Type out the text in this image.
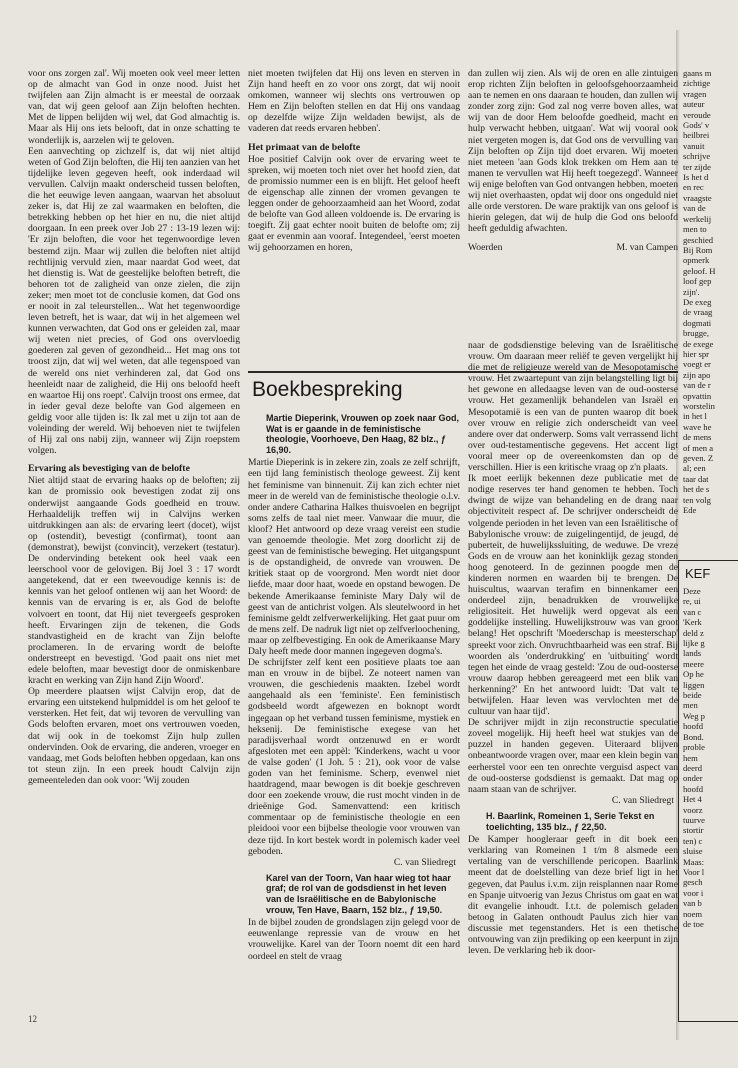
voor ons zorgen zal'. Wij moeten ook veel meer letten op de almacht van God in onze nood. Juist het twijfelen aan Zijn almacht is er meestal de oorzaak van, dat wij geen geloof aan Zijn beloften hechten. Met de lippen belijden wij wel, dat God almachtig is. Maar als Hij ons iets belooft, dat in onze schatting te wonderlijk is, aarzelen wij te geloven.

Een aanvechting op zichzelf is, dat wij niet altijd weten of God Zijn beloften, die Hij ten aanzien van het tijdelijke leven gegeven heeft, ook inderdaad wil vervullen. Calvijn maakt onderscheid tussen beloften, die het eeuwige leven aangaan, waarvan het absoluut zeker is, dat Hij ze zal waarmaken en beloften, die betrekking hebben op het hier en nu, die niet altijd doorgaan. In een preek over Job 27 : 13-19 lezen wij: 'Er zijn beloften, die voor het tegenwoordige leven bestemd zijn. Maar wij zullen die beloften niet altijd rechtlijnig vervuld zien, maar naardat God weet, dat het dienstig is. Wat de geestelijke beloften betreft, die behoren tot de zaligheid van onze zielen, die zijn zeker; men moet tot de conclusie komen, dat God ons er nooit in zal teleurstellen... Wat het tegenwoordige leven betreft, het is waar, dat wij in het algemeen wel kunnen verwachten, dat God ons er geleiden zal, maar wij weten niet precies, of God ons overvloedig goederen zal geven of gezondheid... Het mag ons tot troost zijn, dat wij wel weten, dat alle tegenspoed van de wereld ons niet verhinderen zal, dat God ons heenleidt naar de zaligheid, die Hij ons beloofd heeft en waartoe Hij ons roept'. Calvijn troost ons ermee, dat in ieder geval deze belofte van God algemeen en geldig voor alle tijden is: Ik zal met u zijn tot aan de voleinding der wereld. Wij behoeven niet te twijfelen of Hij zal ons nabij zijn, wanneer wij Zijn roepstem volgen.

Ervaring als bevestiging van de belofte

Niet altijd staat de ervaring haaks op de beloften; zij kan de promissio ook bevestigen zodat zij ons onderwijst aangaande Gods goedheid en trouw. Herhaaldelijk treffen wij in Calvijns werken uitdrukkingen aan als: de ervaring leert (docet), wijst op (ostendit), bevestigt (confirmat), toont aan (demonstrat), bewijst (convincit), verzekert (testatur). De ondervinding betekent ook heel vaak een leerschool voor de gelovigen. Bij Joel 3 : 17 wordt aangetekend, dat er een tweevoudige kennis is: de kennis van het geloof ontlenen wij aan het Woord: de kennis van de ervaring is er, als God de belofte volvoert en toont, dat Hij niet tevergeefs gesproken heeft. Ervaringen zijn de tekenen, die Gods standvastigheid en de kracht van Zijn belofte proclameren. In de ervaring wordt de belofte onderstreept en bevestigd. 'God paait ons niet met edele beloften, maar bevestigt door de onmiskenbare kracht en werking van Zijn hand Zijn Woord'.

Op meerdere plaatsen wijst Calvijn erop, dat de ervaring een uitstekend hulpmiddel is om het geloof te versterken. Het feit, dat wij tevoren de vervulling van Gods beloften ervaren, moet ons vertrouwen voeden, dat wij ook in de toekomst Zijn hulp zullen ondervinden. Ook de ervaring, die anderen, vroeger en vandaag, met Gods beloften hebben opgedaan, kan ons tot steun zijn. In een preek houdt Calvijn zijn gemeenteleden dan ook voor: 'Wij zouden

niet moeten twijfelen dat Hij ons leven en sterven in Zijn hand heeft en zo voor ons zorgt, dat wij nooit omkomen, wanneer wij slechts ons vertrouwen op Hem en Zijn beloften stellen en dat Hij ons vandaag op dezelfde wijze Zijn weldaden bewijst, als de vaderen dat reeds ervaren hebben'.

Het primaat van de belofte

Hoe positief Calvijn ook over de ervaring weet te spreken, wij moeten toch niet over het hoofd zien, dat de promissio nummer een is en blijft. Het geloof heeft de eigenschap alle zinnen der vromen gevangen te leggen onder de gehoorzaamheid aan het Woord, zodat de belofte van God alleen voldoende is. De ervaring is toegift. Zij gaat echter nooit buiten de belofte om; zij gaat er evenmin aan vooraf. Integendeel, 'eerst moeten wij gehoorzamen en horen,

dan zullen wij zien. Als wij de oren en alle zintuigen erop richten Zijn beloften in geloofsgehoorzaamheid aan te nemen en ons daaraan te houden, dan zullen wij zonder zorg zijn: God zal nog verre boven alles, wat wij van de door Hem beloofde goedheid, macht en hulp verwacht hebben, uitgaan'. Wat wij vooral ook niet vergeten mogen is, dat God ons de vervulling van Zijn beloften op Zijn tijd doet ervaren. Wij moeten niet meteen 'aan Gods klok trekken om Hem aan te manen te vervullen wat Hij heeft toegezegd'. Wanneer wij enige beloften van God ontvangen hebben, moeten wij niet overhaasten, opdat wij door ons ongeduld niet alle orde verstoren. De ware praktijk van ons geloof is hierin gelegen, dat wij de hulp die God ons beloofd heeft geduldig afwachten.

Woerden	M. van Campen
Boekbespreking
Martie Dieperink, Vrouwen op zoek naar God, Wat is er gaande in de feministische theologie, Voorhoeve, Den Haag, 82 blz., ƒ 16,90.

Martie Dieperink is in zekere zin, zoals ze zelf schrijft, een tijd lang feministisch theologe geweest. Zij kent het feminisme van binnenuit. Zij kan zich echter niet meer in de wereld van de feministische theologie o.l.v. onder andere Catharina Halkes thuisvoelen en begrijpt soms zelfs de taal niet meer. Vanwaar die muur, die kloof? Het antwoord op deze vraag vereist een studie van genoemde theologie. Met zorg doorlicht zij de geest van de feministische beweging. Het uitgangspunt is de opstandigheid, de onvrede van vrouwen. De kritiek staat op de voorgrond. Men wordt niet door liefde, maar door haat, woede en opstand bewogen. De bekende Amerikaanse feministe Mary Daly wil de geest van de antichrist volgen. Als sleutelwoord in het feminisme geldt zelfverwerkelijking. Het gaat puur om de mens zelf. De nadruk ligt niet op zelfverloochening, maar op zelfbevestiging. En ook de Amerikaanse Mary Daly heeft mede door mannen ingegeven dogma's.

De schrijfster zelf kent een positieve plaats toe aan man en vrouw in de bijbel. Ze noteert namen van vrouwen, die geschiedenis maakten. Izebel wordt aangehaald als een 'feministe'. Een feministisch godsbeeld wordt afgewezen en boknopt wordt ingegaan op het verband tussen feminisme, mystiek en heksenij. De feministische exegese van het paradijsverhaal wordt ontzenuwd en er wordt afgesloten met een appèl: 'Kinderkens, wacht u voor de valse goden' (1 Joh. 5 : 21), ook voor de valse goden van het feminisme. Scherp, evenwel niet haatdragend, maar bewogen is dit boekje geschreven door een zoekende vrouw, die rust mocht vinden in de drieënige God. Samenvattend: een kritisch commentaar op de feministische theologie en een pleidooi voor een bijbelse theologie voor vrouwen van deze tijd. In kort bestek wordt in polemisch kader veel geboden.

C. van Sliedregt
Karel van der Toorn, Van haar wieg tot haar graf; de rol van de godsdienst in het leven van de Israëlitische en de Babylonische vrouw, Ten Have, Baarn, 152 blz., ƒ 19,50.

In de bijbel zouden de grondslagen zijn gelegd voor de eeuwenlange repressie van de vrouw en het vrouwelijke. Karel van der Toorn noemt dit een hard oordeel en stelt de vraag

naar de godsdienstige beleving van de Israëlitische vrouw. Om daaraan meer reliëf te geven vergelijkt hij die met de religieuze wereld van de Mesopotamische vrouw. Het zwaartepunt van zijn belangstelling ligt bij het gewone en alledaagse leven van de oud-oosterse vrouw. Het gezamenlijk behandelen van Israël en Mesopotamië is een van de punten waarop dit boek over vrouw en religie zich onderscheidt van veel andere over dat onderwerp. Soms valt verrassend licht over oud-testamentische gegevens. Het accent ligt vooral meer op de overeenkomsten dan op de verschillen. Hier is een kritische vraag op z'n plaats.

Ik moet eerlijk bekennen deze publicatie met de nodige reserves ter hand genomen te hebben. Toch dwingt de wijze van behandeling en de drang naar objectiviteit respect af. De schrijver onderscheidt de volgende perioden in het leven van een Israëlitische of Babylonische vrouw: de zuigelingentijd, de jeugd, de puberteit, de huwelijkssluiting, de weduwe. De vreze Gods en de vrouw aan het koninklijk gezag stonden hoog genoteerd. In de gezinnen poogde men de kinderen normen en waarden bij te brengen. De huiscultus, waarvan terafim en binnenkamer een onderdeel zijn, benadrukken de vrouwelijke religiositeit. Het huwelijk werd opgevat als een goddelijke instelling. Huwelijkstrouw was van groot belang! Het opschrift 'Moederschap is meesterschap' spreekt voor zich. Onvruchtbaarheid was een straf. Bij woorden als 'onderdrukking' en 'uitbuiting' wordt tegen het einde de vraag gesteld: 'Zou de oud-oosterse vrouw daarop hebben gereageerd met een blik van herkenning?' En het antwoord luidt: 'Dat valt te betwijfelen. Haar leven was vervlochten met de cultuur van haar tijd'.

De schrijver mijdt in zijn reconstructie speculatie zoveel mogelijk. Hij heeft heel wat stukjes van de puzzel in handen gegeven. Uiteraard blijven onbeantwoorde vragen over, maar een klein begin van eerherstel voor een ten onrechte verguisd aspect van de oud-oosterse godsdienst is gemaakt. Dat mag op naam staan van de schrijver.

C. van Sliedregt
H. Baarlink, Romeinen 1, Serie Tekst en toelichting, 135 blz., ƒ 22,50.

De Kamper hoogleraar geeft in dit boek een verklaring van Romeinen 1 t/m 8 alsmede een vertaling van de verschillende pericopen. Baarlink meent dat de doelstelling van deze brief ligt in het gegeven, dat Paulus i.v.m. zijn reisplannen naar Rome en Spanje uitvoerig van Jezus Christus om gaat en wat dit evangelie inhoudt. I.t.t. de polemisch geladen betoog in Galaten onthoudt Paulus zich hier van discussie met tegenstanders. Het is een thetische ontvouwing van zijn prediking op een keerpunt in zijn leven. De verklaring heb ik door-

gaans m
zichtige
vragen
auteur
veroude
Gods' v
heilbrei
vanuit
schrijve
ter zijde
Is het d
en rec
vraagste
van de
werkelij
men to
geschied
Bij Rom
opmerk
geloof. H
loof gep
zijn'.
De exeg
de vraag
dogmati
brugge,
de exege
hier spr
voegt er
zijn apo
van de r
opvattin
worstelin
in het l
wave he
de mens
of men a
geven. Z
al; een
taar dat
het de s
ten volg
Ede
KEF
Deze
re, ui
van c
'Kerk
deld z
lijke g
lands
meere
Op he
liggen
beide
men
Weg p
hoofd
Bond.
proble
hem
deerd
onder
hoofd
Het 4
voorz
tuurve
stortir
ten) c
sluise
Maas:
Voor l
gesch
voor i
van b
noem
de toe
12
